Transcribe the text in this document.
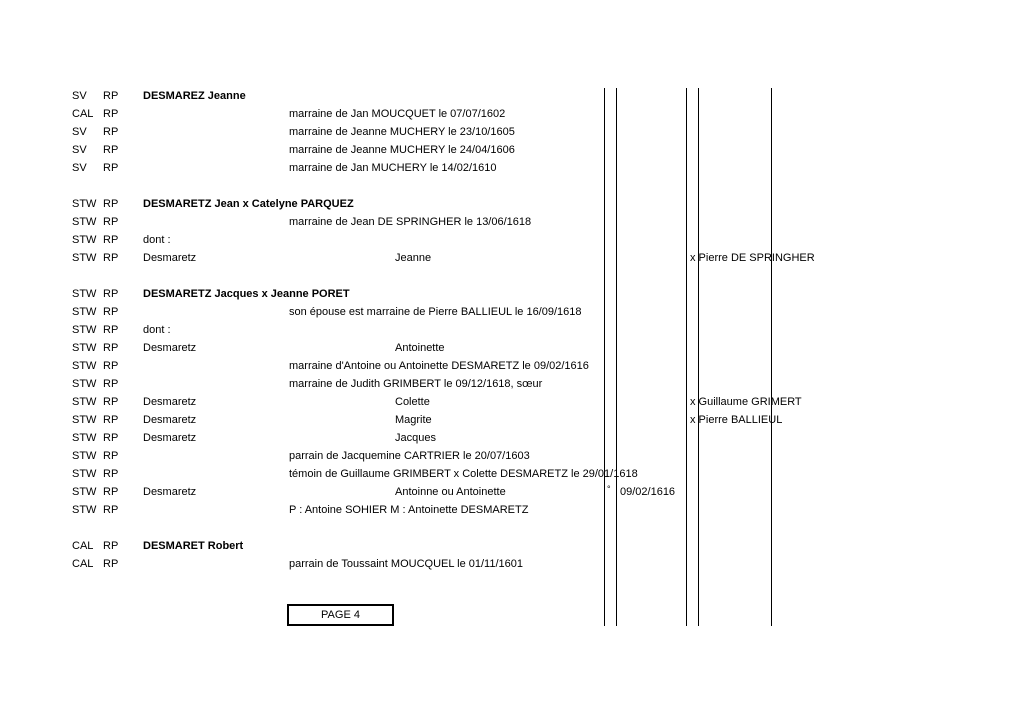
SV RP DESMAREZ Jeanne
CAL RP	marraine de Jan MOUCQUET le 07/07/1602
SV RP	marraine de Jeanne MUCHERY le 23/10/1605
SV RP	marraine de Jeanne MUCHERY le 24/04/1606
SV RP	marraine de Jan MUCHERY le 14/02/1610
STW RP DESMARETZ Jean x Catelyne PARQUEZ
STW RP	marraine de Jean DE SPRINGHER le 13/06/1618
STW RP dont :
STW RP Desmaretz	Jeanne	x Pierre DE SPRINGHER
STW RP DESMARETZ Jacques x Jeanne PORET
STW RP	son épouse est marraine de Pierre BALLIEUL le 16/09/1618
STW RP dont :
STW RP Desmaretz	Antoinette
STW RP	marraine d'Antoine ou Antoinette DESMARETZ le 09/02/1616
STW RP	marraine de Judith GRIMBERT le 09/12/1618, sœur
STW RP Desmaretz	Colette	x Guillaume GRIMERT
STW RP Desmaretz	Magrite	x Pierre BALLIEUL
STW RP Desmaretz	Jacques
STW RP	parrain de Jacquemine CARTRIER le 20/07/1603
STW RP	témoin de Guillaume GRIMBERT x Colette DESMARETZ le 29/01/1618
STW RP Desmaretz	Antoinne ou Antoinette	° 09/02/1616
STW RP	P : Antoine SOHIER M : Antoinette DESMARETZ
CAL RP DESMARET Robert
CAL RP	parrain de Toussaint MOUCQUEL le 01/11/1601
PAGE 4
